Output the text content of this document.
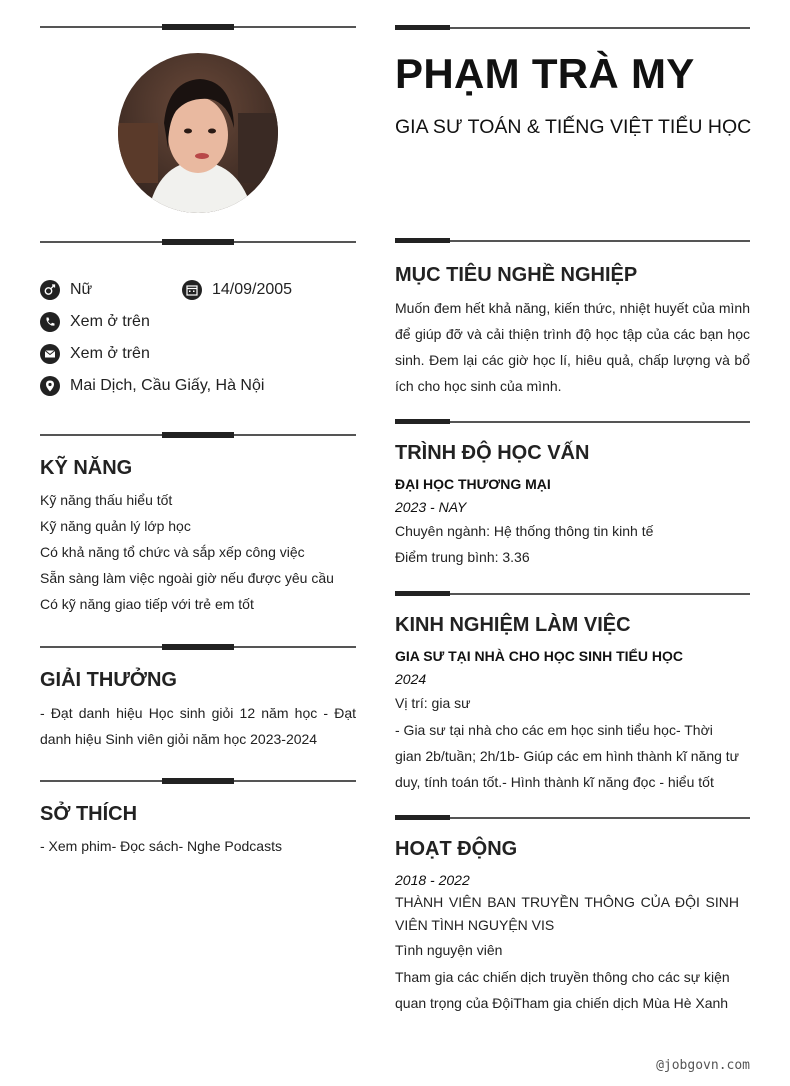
Nữ	14/09/2005
Xem ở trên
Xem ở trên
Mai Dịch, Cầu Giấy, Hà Nội
KỸ NĂNG
Kỹ năng thấu hiểu tốt
Kỹ năng quản lý lớp học
Có khả năng tổ chức và sắp xếp công việc
Sẵn sàng làm việc ngoài giờ nếu được yêu cầu
Có kỹ năng giao tiếp với trẻ em tốt
GIẢI THƯỞNG
- Đạt danh hiệu Học sinh giỏi 12 năm học - Đạt danh hiệu Sinh viên giỏi năm học 2023-2024
SỞ THÍCH
- Xem phim- Đọc sách- Nghe Podcasts
PHẠM TRÀ MY
GIA SƯ TOÁN & TIẾNG VIỆT TIỂU HỌC
MỤC TIÊU NGHỀ NGHIỆP
Muốn đem hết khả năng, kiến thức, nhiệt huyết của mình để giúp đỡ và cải thiện trình độ học tập của các bạn học sinh. Đem lại các giờ học lí, hiêu quả, chấp lượng và bổ ích cho học sinh của mình.
TRÌNH ĐỘ HỌC VẤN
ĐẠI HỌC THƯƠNG MẠI
2023 - NAY
Chuyên ngành: Hệ thống thông tin kinh tế
Điểm trung bình: 3.36
KINH NGHIỆM LÀM VIỆC
GIA SƯ TẠI NHÀ CHO HỌC SINH TIỂU HỌC
2024
Vị trí: gia sư
- Gia sư tại nhà cho các em học sinh tiểu học- Thời gian 2b/tuần; 2h/1b- Giúp các em hình thành kĩ năng tư duy, tính toán tốt.- Hình thành kĩ năng đọc - hiểu tốt
HOẠT ĐỘNG
2018 - 2022
THÀNH VIÊN BAN TRUYỀN THÔNG CỦA ĐỘI SINH VIÊN TÌNH NGUYỆN VIS
Tình nguyện viên
Tham gia các chiến dịch truyền thông cho các sự kiện quan trọng của ĐộiTham gia chiến dịch Mùa Hè Xanh
@jobgovn.com
